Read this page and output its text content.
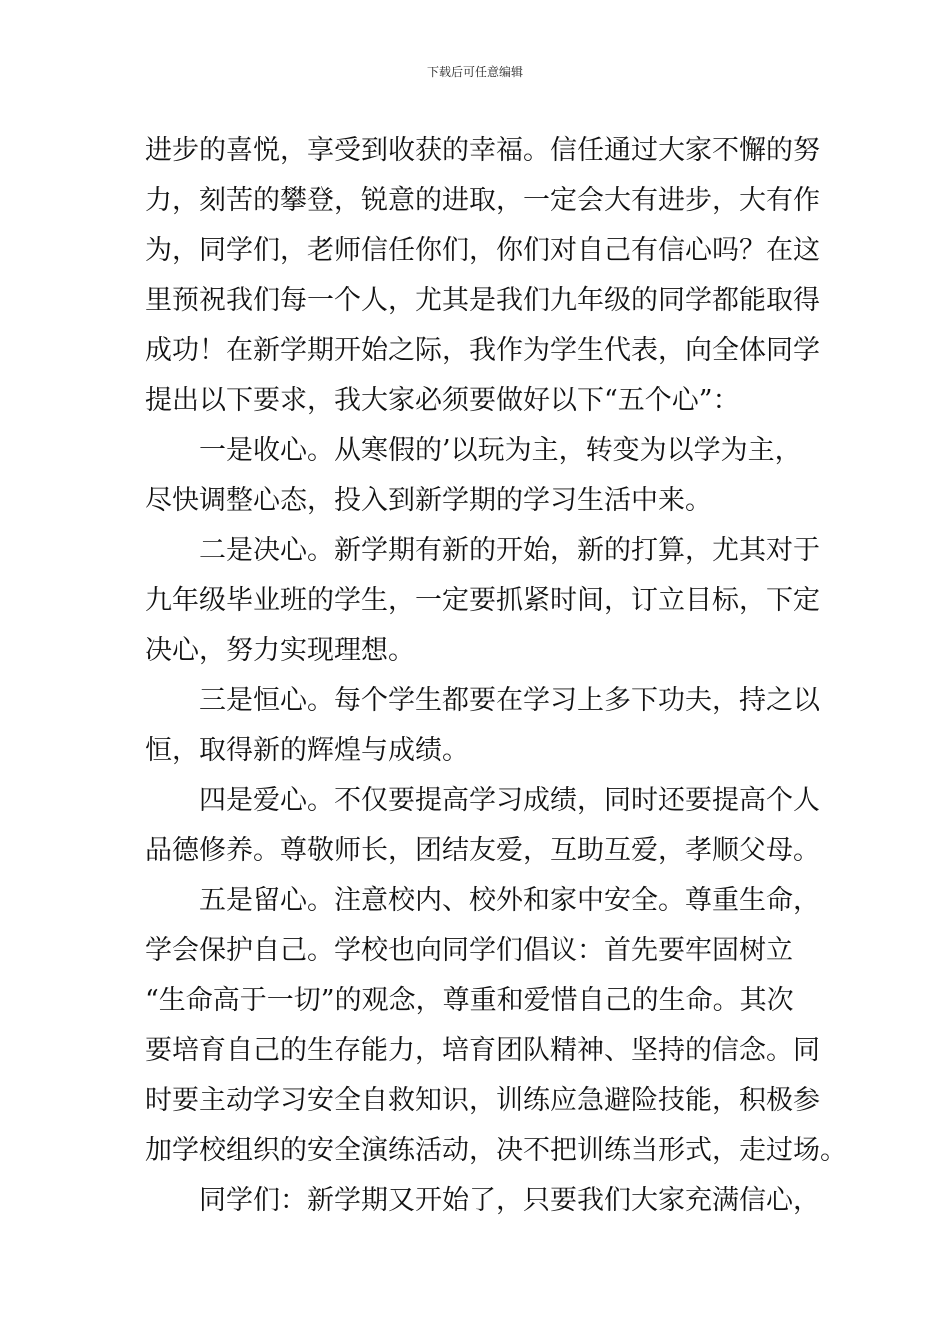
下载后可任意编辑
进步的喜悦，享受到收获的幸福。信任通过大家不懈的努
力，刻苦的攀登，锐意的进取，一定会大有进步，大有作
为，同学们，老师信任你们，你们对自己有信心吗？在这
里预祝我们每一个人，尤其是我们九年级的同学都能取得
成功！在新学期开始之际，我作为学生代表，向全体同学
提出以下要求，我大家必须要做好以下“五个心”：
一是收心。从寒假的’以玩为主，转变为以学为主，
尽快调整心态，投入到新学期的学习生活中来。
二是决心。新学期有新的开始，新的打算，尤其对于
九年级毕业班的学生，一定要抓紧时间，订立目标，下定
决心，努力实现理想。
三是恒心。每个学生都要在学习上多下功夫，持之以
恒，取得新的辉煌与成绩。
四是爱心。不仅要提高学习成绩，同时还要提高个人
品德修养。尊敬师长，团结友爱，互助互爱，孝顺父母。
五是留心。注意校内、校外和家中安全。尊重生命，
学会保护自己。学校也向同学们倡议：首先要牢固树立
“生命高于一切”的观念，尊重和爱惜自己的生命。其次
要培育自己的生存能力，培育团队精神、坚持的信念。同
时要主动学习安全自救知识，训练应急避险技能，积极参
加学校组织的安全演练活动，决不把训练当形式，走过场。
同学们：新学期又开始了，只要我们大家充满信心，
